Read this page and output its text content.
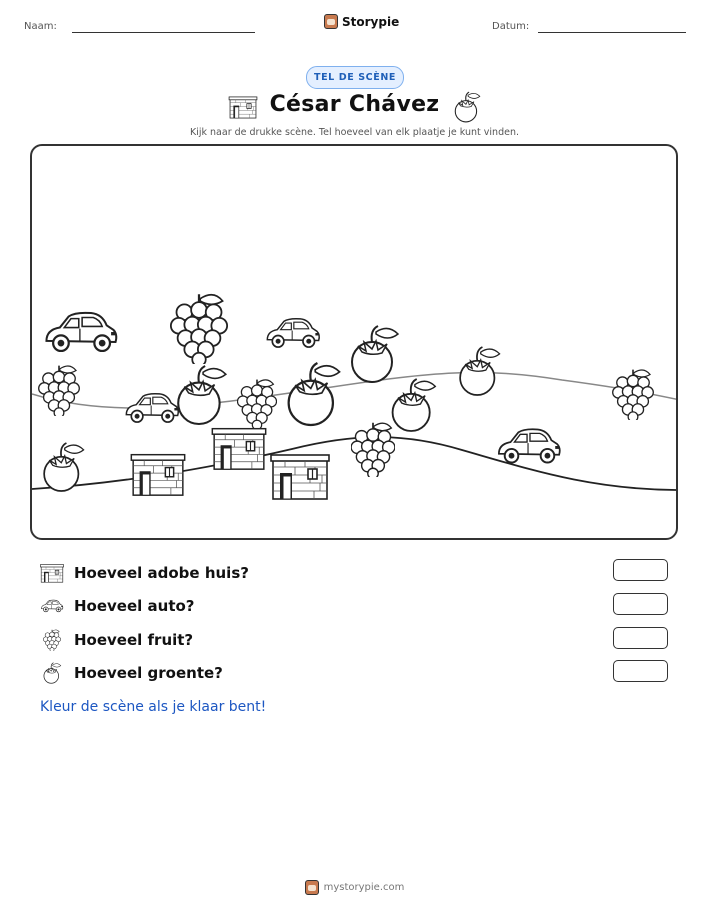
Naam:	Storypie	Datum:
TEL DE SCÈNE
César Chávez
Kijk naar de drukke scène. Tel hoeveel van elk plaatje je kunt vinden.
Hoeveel adobe huis?
Hoeveel auto?
Hoeveel fruit?
Hoeveel groente?
Kleur de scène als je klaar bent!
mystorypie.com
